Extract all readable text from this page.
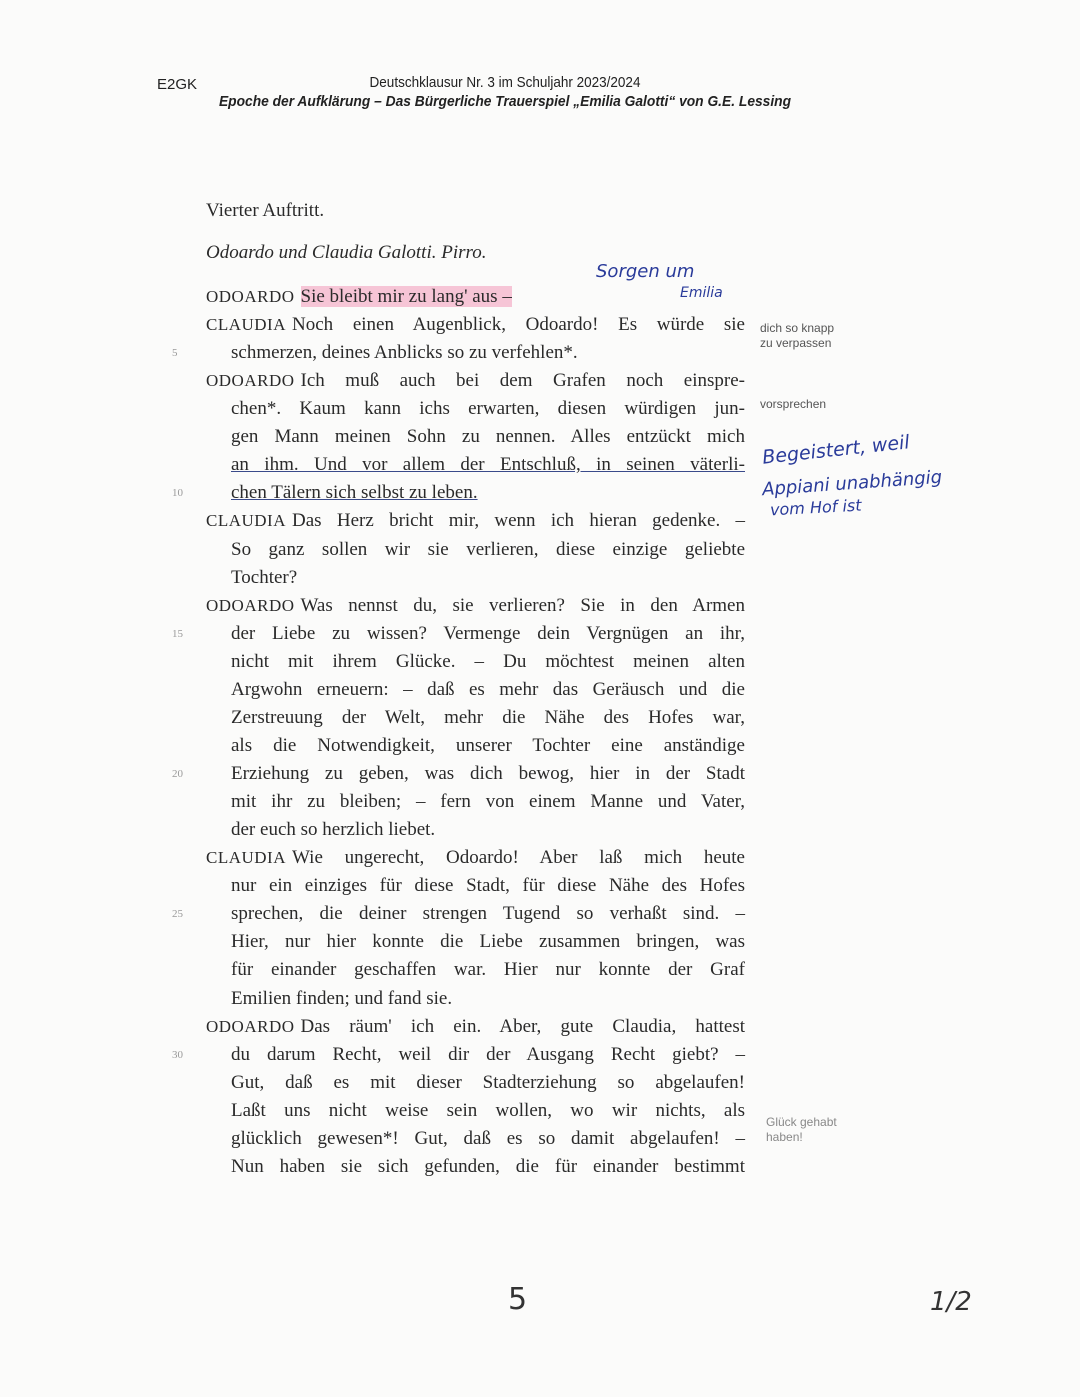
E2GK	Deutschklausur Nr. 3 im Schuljahr 2023/2024
Epoche der Aufklärung – Das Bürgerliche Trauerspiel „Emilia Galotti“ von G.E. Lessing
Vierter Auftritt.
Odoardo und Claudia Galotti. Pirro.
ODOARDO Sie bleibt mir zu lang' aus –
CLAUDIA Noch einen Augenblick, Odoardo! Es würde sie
schmerzen, deines Anblicks so zu verfehlen*.
5
ODOARDO Ich muß auch bei dem Grafen noch einspre-
chen*. Kaum kann ichs erwarten, diesen würdigen jun-
gen Mann meinen Sohn zu nennen. Alles entzückt mich
an ihm. Und vor allem der Entschluß, in seinen väterli-
chen Tälern sich selbst zu leben.
10
CLAUDIA Das Herz bricht mir, wenn ich hieran gedenke. –
So ganz sollen wir sie verlieren, diese einzige geliebte
Tochter?
ODOARDO Was nennst du, sie verlieren? Sie in den Armen
der Liebe zu wissen? Vermenge dein Vergnügen an ihr,
15
nicht mit ihrem Glücke. – Du möchtest meinen alten
Argwohn erneuern: – daß es mehr das Geräusch und die
Zerstreuung der Welt, mehr die Nähe des Hofes war,
als die Notwendigkeit, unserer Tochter eine anständige
Erziehung zu geben, was dich bewog, hier in der Stadt
20
mit ihr zu bleiben; – fern von einem Manne und Vater,
der euch so herzlich liebet.
CLAUDIA Wie ungerecht, Odoardo! Aber laß mich heute
nur ein einziges für diese Stadt, für diese Nähe des Hofes
sprechen, die deiner strengen Tugend so verhaßt sind. –
25
Hier, nur hier konnte die Liebe zusammen bringen, was
für einander geschaffen war. Hier nur konnte der Graf
Emilien finden; und fand sie.
ODOARDO Das räum' ich ein. Aber, gute Claudia, hattest
du darum Recht, weil dir der Ausgang Recht giebt? –
30
Gut, daß es mit dieser Stadterziehung so abgelaufen!
Laßt uns nicht weise sein wollen, wo wir nichts, als
glücklich gewesen*! Gut, daß es so damit abgelaufen! –
Nun haben sie sich gefunden, die für einander bestimmt
dich so knapp
zu verpassen
vorsprechen
Glück gehabt
haben!
Sorgen um
Emilia
Begeistert, weil
Appiani unabhängig
vom Hof ist
5	1/2
